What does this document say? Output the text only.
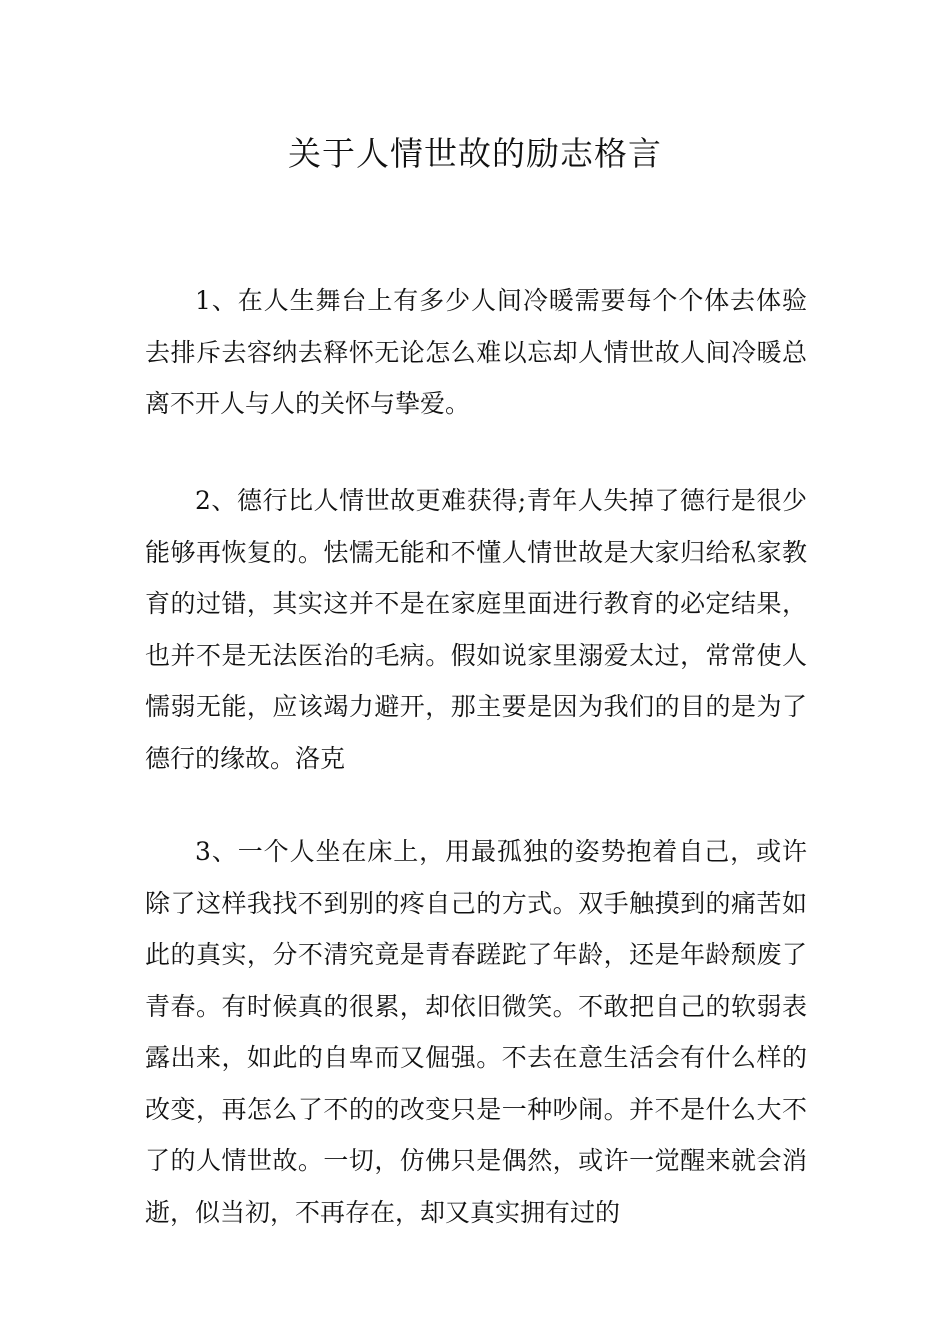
关于人情世故的励志格言

1、在人生舞台上有多少人间冷暖需要每个个体去体验去排斥去容纳去释怀无论怎么难以忘却人情世故人间冷暖总离不开人与人的关怀与挚爱。

2、德行比人情世故更难获得;青年人失掉了德行是很少能够再恢复的。怯懦无能和不懂人情世故是大家归给私家教育的过错，其实这并不是在家庭里面进行教育的必定结果，也并不是无法医治的毛病。假如说家里溺爱太过，常常使人懦弱无能，应该竭力避开，那主要是因为我们的目的是为了德行的缘故。洛克

3、一个人坐在床上，用最孤独的姿势抱着自己，或许除了这样我找不到别的疼自己的方式。双手触摸到的痛苦如此的真实，分不清究竟是青春蹉跎了年龄，还是年龄颓废了青春。有时候真的很累，却依旧微笑。不敢把自己的软弱表露出来，如此的自卑而又倔强。不去在意生活会有什么样的改变，再怎么了不的的改变只是一种吵闹。并不是什么大不了的人情世故。一切，仿佛只是偶然，或许一觉醒来就会消逝，似当初，不再存在，却又真实拥有过的
